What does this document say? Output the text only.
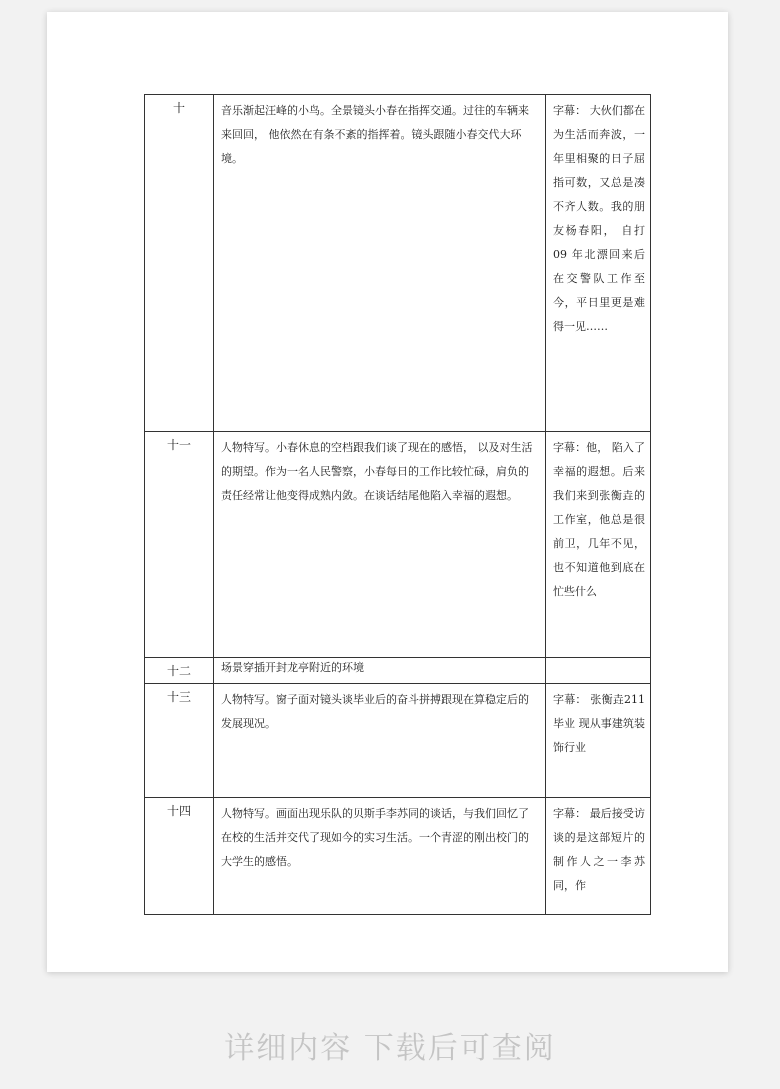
十	音乐渐起汪峰的小鸟。全景镜头小春在指挥交通。过往的车辆来来回回， 他依然在有条不紊的指挥着。镜头跟随小春交代大环境。	字幕： 大伙们都在为生活而奔波，一年里相聚的日子屈指可数，又总是凑不齐人数。我的朋友杨春阳， 自打09 年北漂回来后在交警队工作至今，平日里更是难得一见……
十一	人物特写。小春休息的空档跟我们谈了现在的感悟， 以及对生活的期望。作为一名人民警察，小春每日的工作比较忙碌，肩负的责任经常让他变得成熟内敛。在谈话结尾他陷入幸福的遐想。	字幕：他， 陷入了幸福的遐想。后来我们来到张衡垚的工作室，他总是很前卫，几年不见，也不知道他到底在忙些什么
十二	场景穿插开封龙亭附近的环境	
十三	人物特写。窗子面对镜头谈毕业后的奋斗拼搏跟现在算稳定后的发展现况。	字幕： 张衡垚211 毕业 现从事建筑装饰行业
十四	人物特写。画面出现乐队的贝斯手李苏同的谈话，与我们回忆了在校的生活并交代了现如今的实习生活。一个青涩的刚出校门的大学生的感悟。	字幕： 最后接受访谈的是这部短片的制作人之一李苏同，作
详细内容 下载后可查阅
